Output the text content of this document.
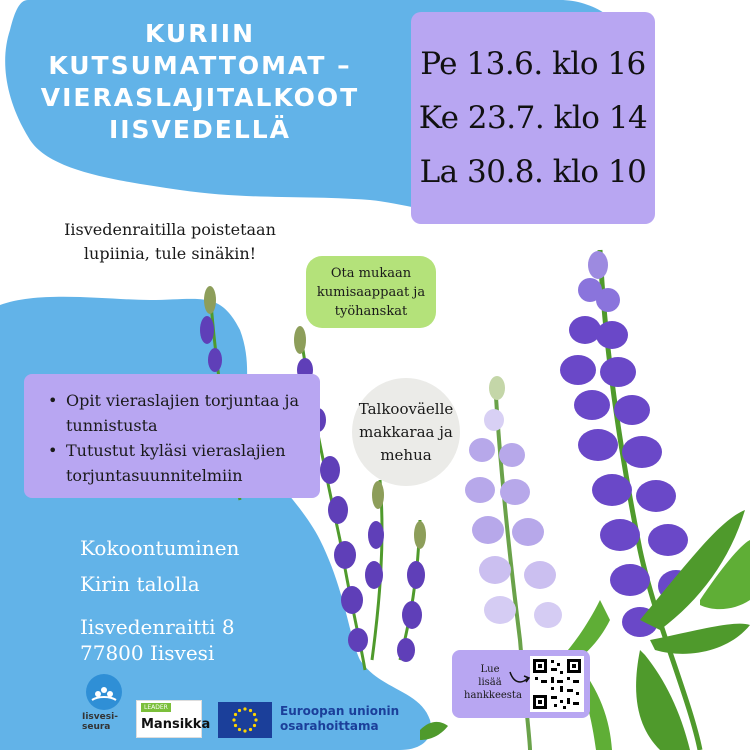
KURIIN
KUTSUMATTOMAT –
VIERASLAJITALKOOT
IISVEDELLÄ
Pe 13.6. klo 16
Ke 23.7. klo 14
La 30.8. klo 10
Iisvedenraitilla poistetaan
lupiinia, tule sinäkin!
Ota mukaan
kumisaappaat ja
työhanskat
Talkooväelle
makkaraa ja
mehua
• Opit vieraslajien torjuntaa ja
tunnistusta
• Tutustut kyläsi vieraslajien
torjuntasuunnitelmiin
Kokoontuminen
Kirin talolla
Iisvedenraitti 8
77800 Iisvesi
Iisvesi-
seura
LEADER
Mansikka
Euroopan unionin
osarahoittama
Lue
lisää
hankkeesta
